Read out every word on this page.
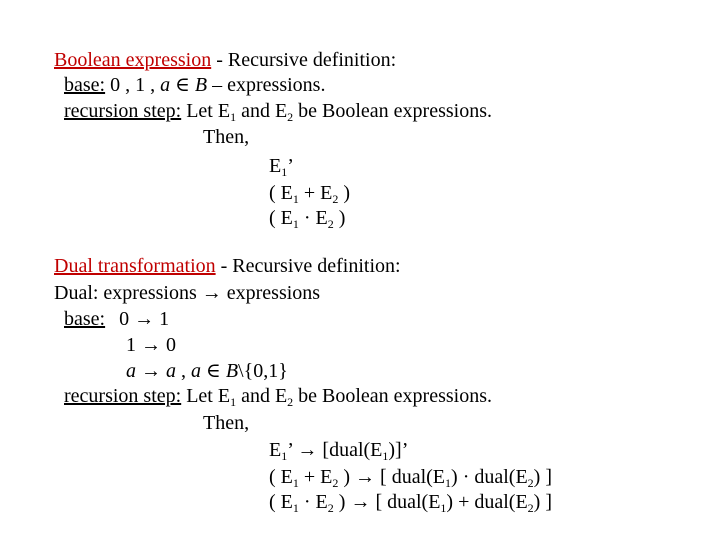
Boolean expression - Recursive definition:
base: 0 , 1 , a ∈ B – expressions.
recursion step: Let $E_1$ and $E_2$ be Boolean expressions.
Then,
$E_1$’
( $E_1 + E_2$ )
( $E_1 \cdot E_2$ )
Dual transformation - Recursive definition:
Dual: expressions → expressions
base: 0 → 1
1 → 0
a → a , a ∈ B\{0,1}
recursion step: Let $E_1$ and $E_2$ be Boolean expressions.
Then,
$E_1$’ → $[dual(E_1)]$’
( $E_1 + E_2$ ) → [ $dual(E_1)$ · $dual(E_2)$ ]
( $E_1 \cdot E_2$ ) → [ $dual(E_1)$ + $dual(E_2)$ ]
